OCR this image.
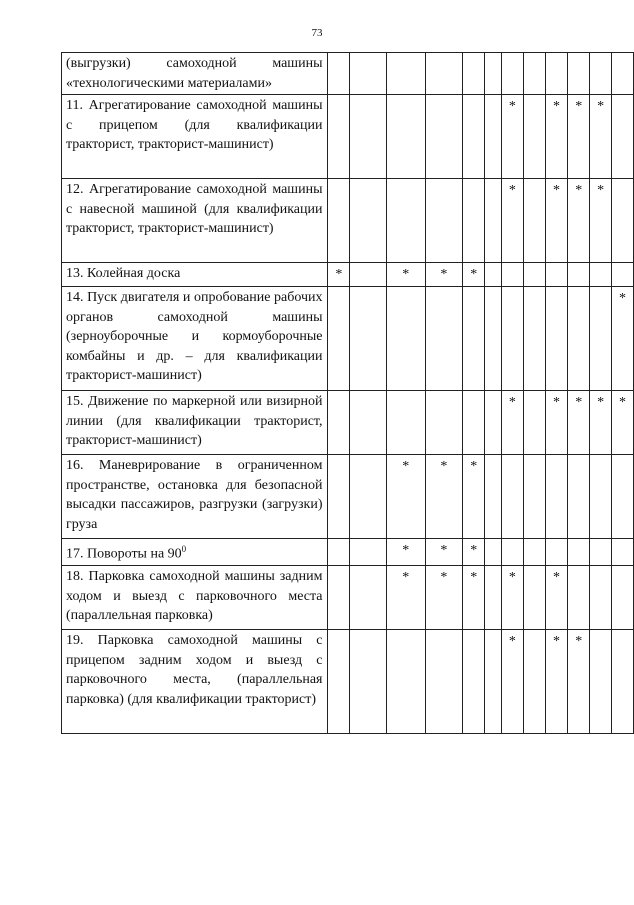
73
(выгрузки) самоходной машины «технологическими материалами»												

11. Агрегатирование самоходной машины с прицепом (для квалификации тракторист, тракторист-машинист)							*		*	*	*	

12. Агрегатирование самоходной машины с навесной машиной (для квалификации тракторист, тракторист-машинист)							*		*	*	*	

13. Колейная доска	*		*	*	*							

14. Пуск двигателя и опробование рабочих органов самоходной машины (зерноуборочные и кормоуборочные комбайны и др. – для квалификации тракторист-машинист)												*

15. Движение по маркерной или визирной линии (для квалификации тракторист, тракторист-машинист)							*		*	*	*	*

16. Маневрирование в ограниченном пространстве, остановка для безопасной высадки пассажиров, разгрузки (загрузки) груза			*	*	*							
17. Повороты на $90^0$			*	*	*							

18. Парковка самоходной машины задним ходом и выезд с парковочного места (параллельная парковка)			*	*	*		*		*			

19. Парковка самоходной машины с прицепом задним ходом и выезд с парковочного места, (параллельная парковка) (для квалификации тракторист)							*		*	*		
